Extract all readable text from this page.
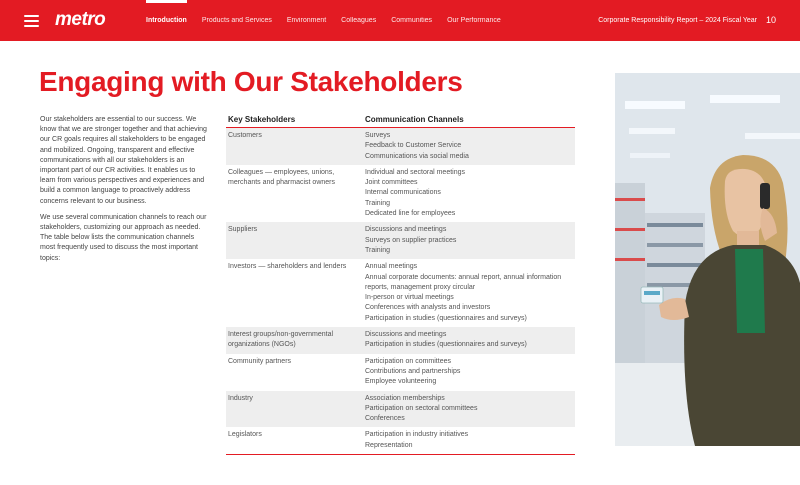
metro	Introduction Products and Services Environment Colleagues Communities Our Performance	Corporate Responsibility Report – 2024 Fiscal Year 10
Engaging with Our Stakeholders

Our stakeholders are essential to our success. We know that we are stronger together and that achieving our CR goals requires all stakeholders to be engaged and mobilized. Ongoing, transparent and effective communications with all our stakeholders is an important part of our CR activities. It enables us to learn from various perspectives and experiences and build a common language to proactively address concerns relevant to our business.

We use several communication channels to reach our stakeholders, customizing our approach as needed. The table below lists the communication channels most frequently used to discuss the most important topics:

Key Stakeholders	Communication Channels
Customers	Surveys
Feedback to Customer Service
Communications via social media

Colleagues — employees, unions, merchants and pharmacist owners	Individual and sectoral meetings
Joint committees
Internal communications
Training
Dedicated line for employees

Suppliers	Discussions and meetings
Surveys on supplier practices
Training

Investors — shareholders and lenders	Annual meetings
Annual corporate documents: annual report, annual information reports, management proxy circular
In-person or virtual meetings
Conferences with analysts and investors
Participation in studies (questionnaires and surveys)

Interest groups/non-governmental organizations (NGOs)	Discussions and meetings
Participation in studies (questionnaires and surveys)

Community partners	Participation on committees
Contributions and partnerships
Employee volunteering

Industry	Association memberships
Participation on sectoral committees
Conferences

Legislators	Participation in industry initiatives
Representation
